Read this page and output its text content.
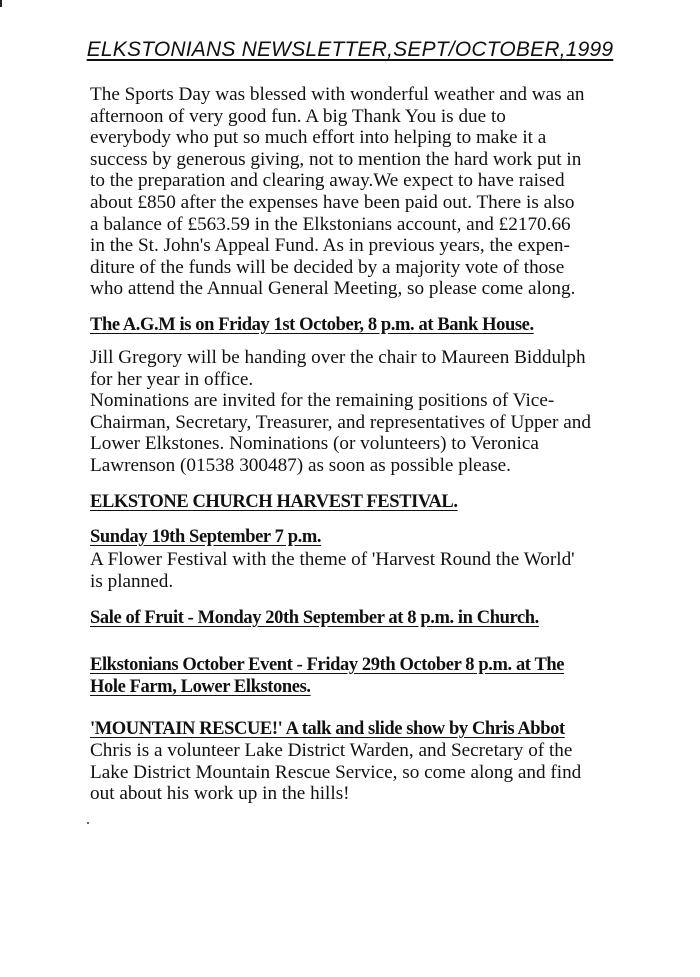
ELKSTONIANS NEWSLETTER,SEPT/OCTOBER,1999

The Sports Day was blessed with wonderful weather and was an

afternoon of very good fun. A big Thank You is due to

everybody who put so much effort into helping to make it a

success by generous giving, not to mention the hard work put in

to the preparation and clearing away.We expect to have raised

about £850 after the expenses have been paid out. There is also

a balance of £563.59 in the Elkstonians account, and £2170.66

in the St. John's Appeal Fund. As in previous years, the expen-

diture of the funds will be decided by a majority vote of those

who attend the Annual General Meeting, so please come along.

The A.G.M is on Friday 1st October, 8 p.m. at Bank House.

Jill Gregory will be handing over the chair to Maureen Biddulph

for her year in office.

Nominations are invited for the remaining positions of Vice-

Chairman, Secretary, Treasurer, and representatives of Upper and

Lower Elkstones. Nominations (or volunteers) to Veronica

Lawrenson (01538 300487) as soon as possible please.

ELKSTONE CHURCH HARVEST FESTIVAL.
Sunday 19th September 7 p.m.

A Flower Festival with the theme of 'Harvest Round the World'

is planned.

Sale of Fruit - Monday 20th September at 8 p.m. in Church.
Elkstonians October Event - Friday 29th October 8 p.m. at The
Hole Farm, Lower Elkstones.
'MOUNTAIN RESCUE!' A talk and slide show by Chris Abbot

Chris is a volunteer Lake District Warden, and Secretary of the

Lake District Mountain Rescue Service, so come along and find

out about his work up in the hills!
